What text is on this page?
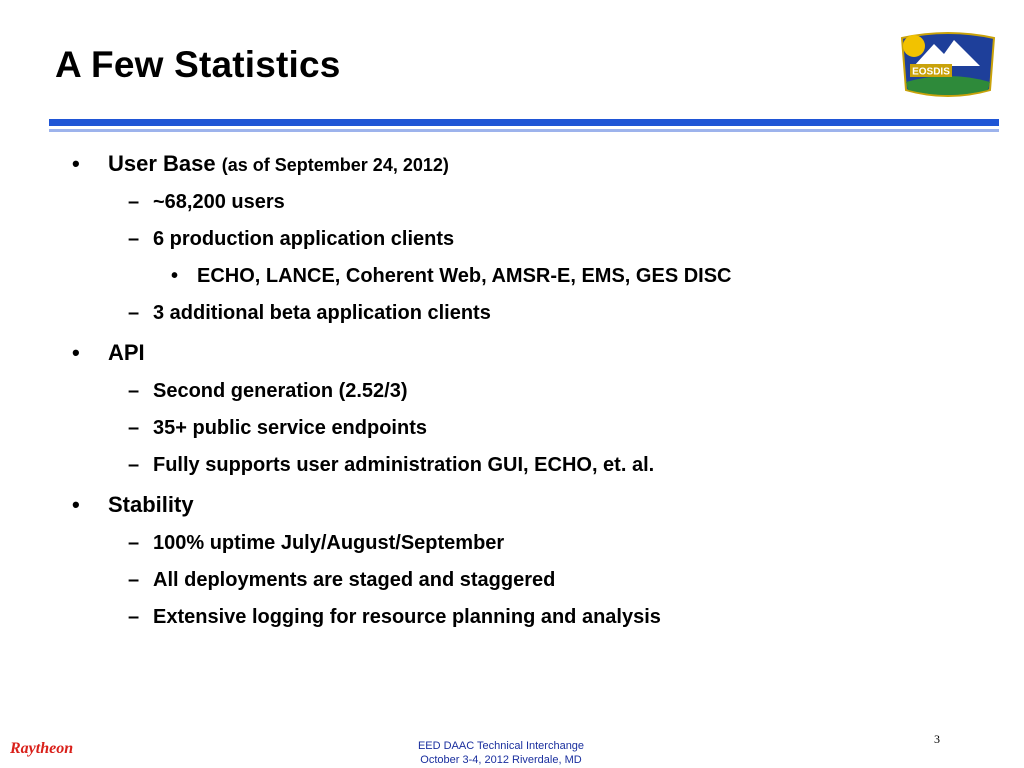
A Few Statistics	EOSDIS
• User Base (as of September 24, 2012)
– ~68,200 users
– 6 production application clients
• ECHO, LANCE, Coherent Web, AMSR-E, EMS, GES DISC
– 3 additional beta application clients
• API
– Second generation (2.52/3)
– 35+ public service endpoints
– Fully supports user administration GUI, ECHO, et. al.
• Stability
– 100% uptime July/August/September
– All deployments are staged and staggered
– Extensive logging for resource planning and analysis
3
Raytheon	EED DAAC Technical Interchange
October 3-4, 2012 Riverdale, MD
